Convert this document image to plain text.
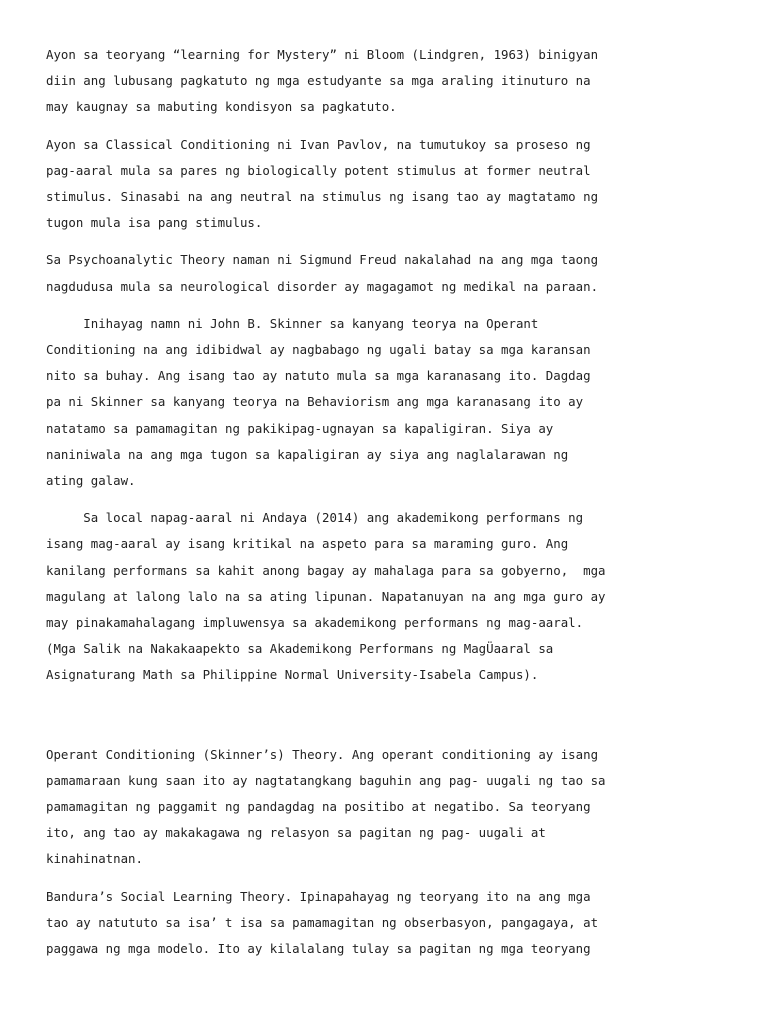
Ayon sa teoryang “learning for Mystery” ni Bloom (Lindgren, 1963) binigyan
diin ang lubusang pagkatuto ng mga estudyante sa mga araling itinuturo na
may kaugnay sa mabuting kondisyon sa pagkatuto.

Ayon sa Classical Conditioning ni Ivan Pavlov, na tumutukoy sa proseso ng
pag-aaral mula sa pares ng biologically potent stimulus at former neutral
stimulus. Sinasabi na ang neutral na stimulus ng isang tao ay magtatamo ng
tugon mula isa pang stimulus.

Sa Psychoanalytic Theory naman ni Sigmund Freud nakalahad na ang mga taong
nagdudusa mula sa neurological disorder ay magagamot ng medikal na paraan.

Inihayag namn ni John B. Skinner sa kanyang teorya na Operant
Conditioning na ang idibidwal ay nagbabago ng ugali batay sa mga karansan
nito sa buhay. Ang isang tao ay natuto mula sa mga karanasang ito. Dagdag
pa ni Skinner sa kanyang teorya na Behaviorism ang mga karanasang ito ay
natatamo sa pamamagitan ng pakikipag-ugnayan sa kapaligiran. Siya ay
naniniwala na ang mga tugon sa kapaligiran ay siya ang naglalarawan ng
ating galaw.

Sa local napag-aaral ni Andaya (2014) ang akademikong performans ng
isang mag-aaral ay isang kritikal na aspeto para sa maraming guro. Ang
kanilang performans sa kahit anong bagay ay mahalaga para sa gobyerno,  mga
magulang at lalong lalo na sa ating lipunan. Napatanuyan na ang mga guro ay
may pinakamahalagang impluwensya sa akademikong performans ng mag-aaral.
(Mga Salik na Nakakaapekto sa Akademikong Performans ng MagÜaaral sa
Asignaturang Math sa Philippine Normal University-Isabela Campus).

Operant Conditioning (Skinner’s) Theory. Ang operant conditioning ay isang
pamamaraan kung saan ito ay nagtatangkang baguhin ang pag- uugali ng tao sa
pamamagitan ng paggamit ng pandagdag na positibo at negatibo. Sa teoryang
ito, ang tao ay makakagawa ng relasyon sa pagitan ng pag- uugali at
kinahinatnan.

Bandura’s Social Learning Theory. Ipinapahayag ng teoryang ito na ang mga
tao ay natututo sa isa’ t isa sa pamamagitan ng obserbasyon, pangagaya, at
paggawa ng mga modelo. Ito ay kilalalang tulay sa pagitan ng mga teoryang
